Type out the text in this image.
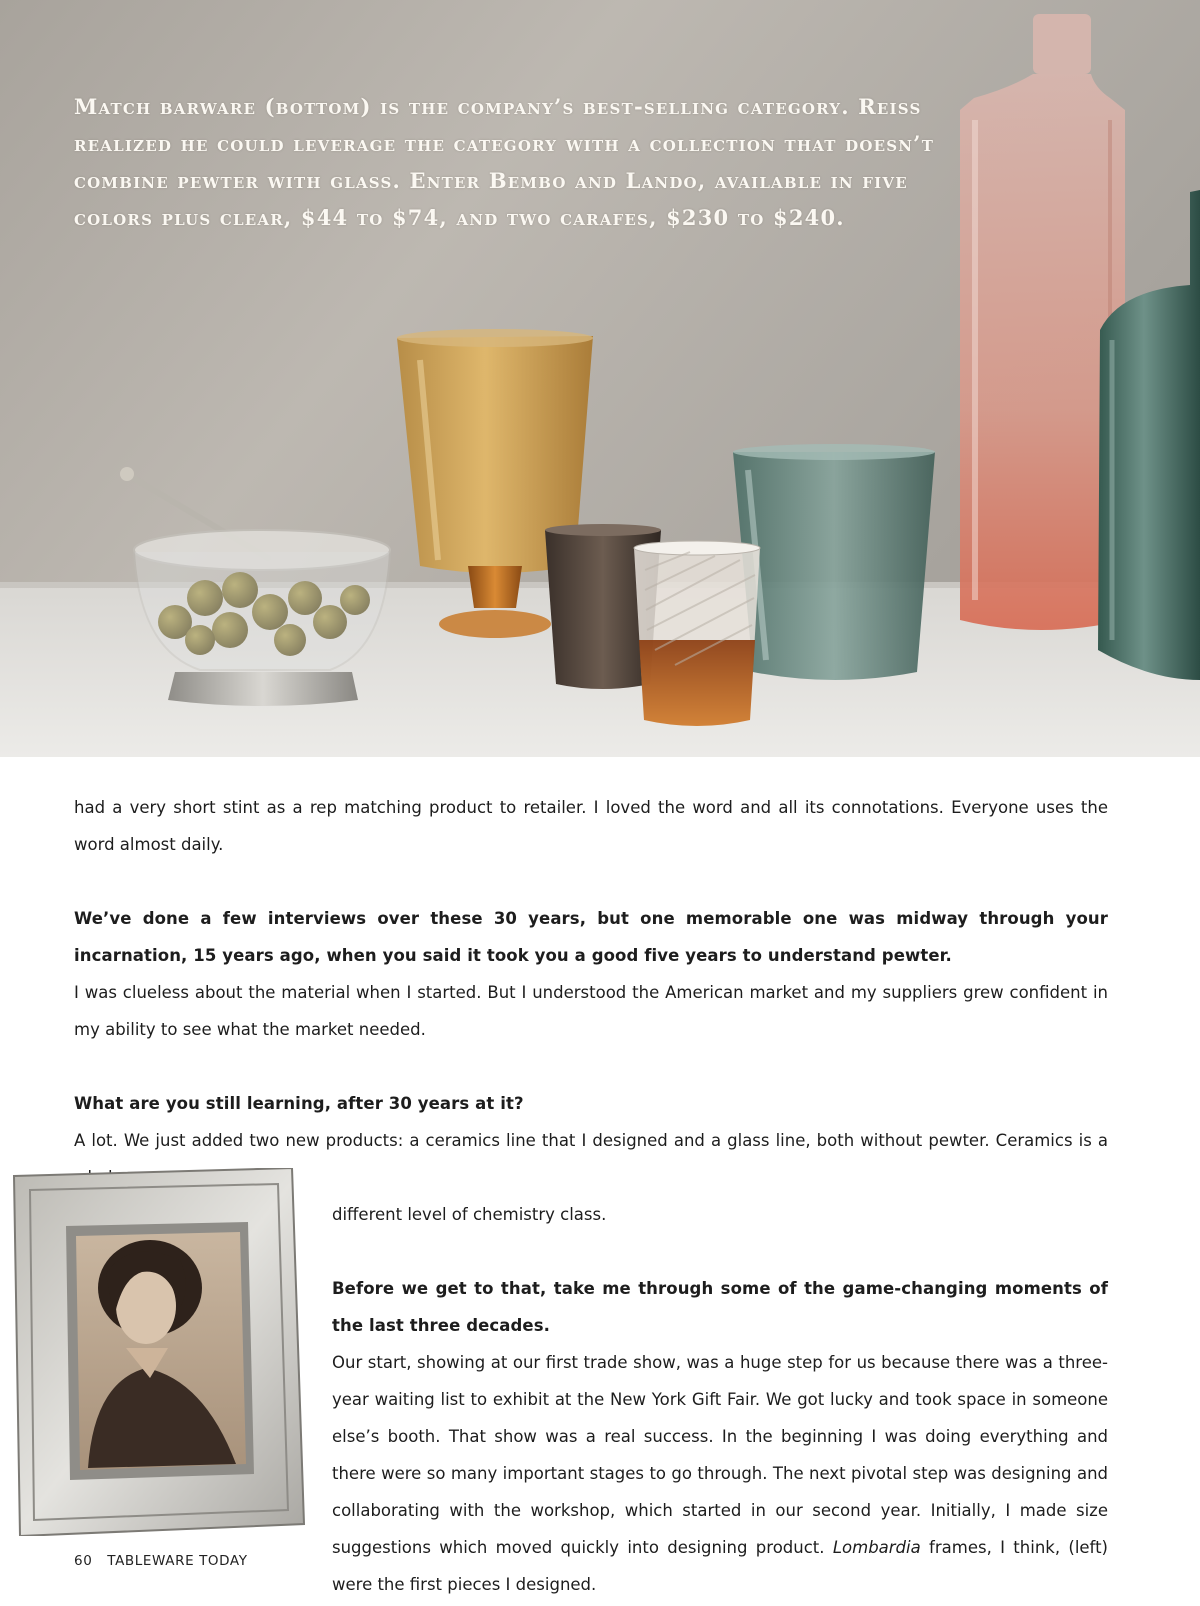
Match barware (bottom) is the company’s best-selling category. Reiss realized he could leverage the category with a collection that doesn’t combine pewter with glass. Enter Bembo and Lando, available in five colors plus clear, $44 to $74, and two carafes, $230 to $240.

had a very short stint as a rep matching product to retailer. I loved the word and all its connotations. Everyone uses the word almost daily.

We’ve done a few interviews over these 30 years, but one memorable one was midway through your incarnation, 15 years ago, when you said it took you a good five years to understand pewter.

I was clueless about the material when I started. But I understood the American market and my suppliers grew confident in my ability to see what the market needed.

What are you still learning, after 30 years at it?

A lot. We just added two new products: a ceramics line that I designed and a glass line, both without pewter. Ceramics is a

different level of chemistry class.

Before we get to that, take me through some of the game-changing moments of the last three decades.

Our start, showing at our first trade show, was a huge step for us because there was a three-year waiting list to exhibit at the New York Gift Fair. We got lucky and took space in someone else’s booth. That show was a real success. In the beginning I was doing everything and there were so many important stages to go through. The next pivotal step was designing and collaborating with the workshop, which started in our second year. Initially, I made size suggestions which moved quickly into designing product. Lombardia frames, I think, (left) were the first pieces I designed.

60 TABLEWARE TODAY
